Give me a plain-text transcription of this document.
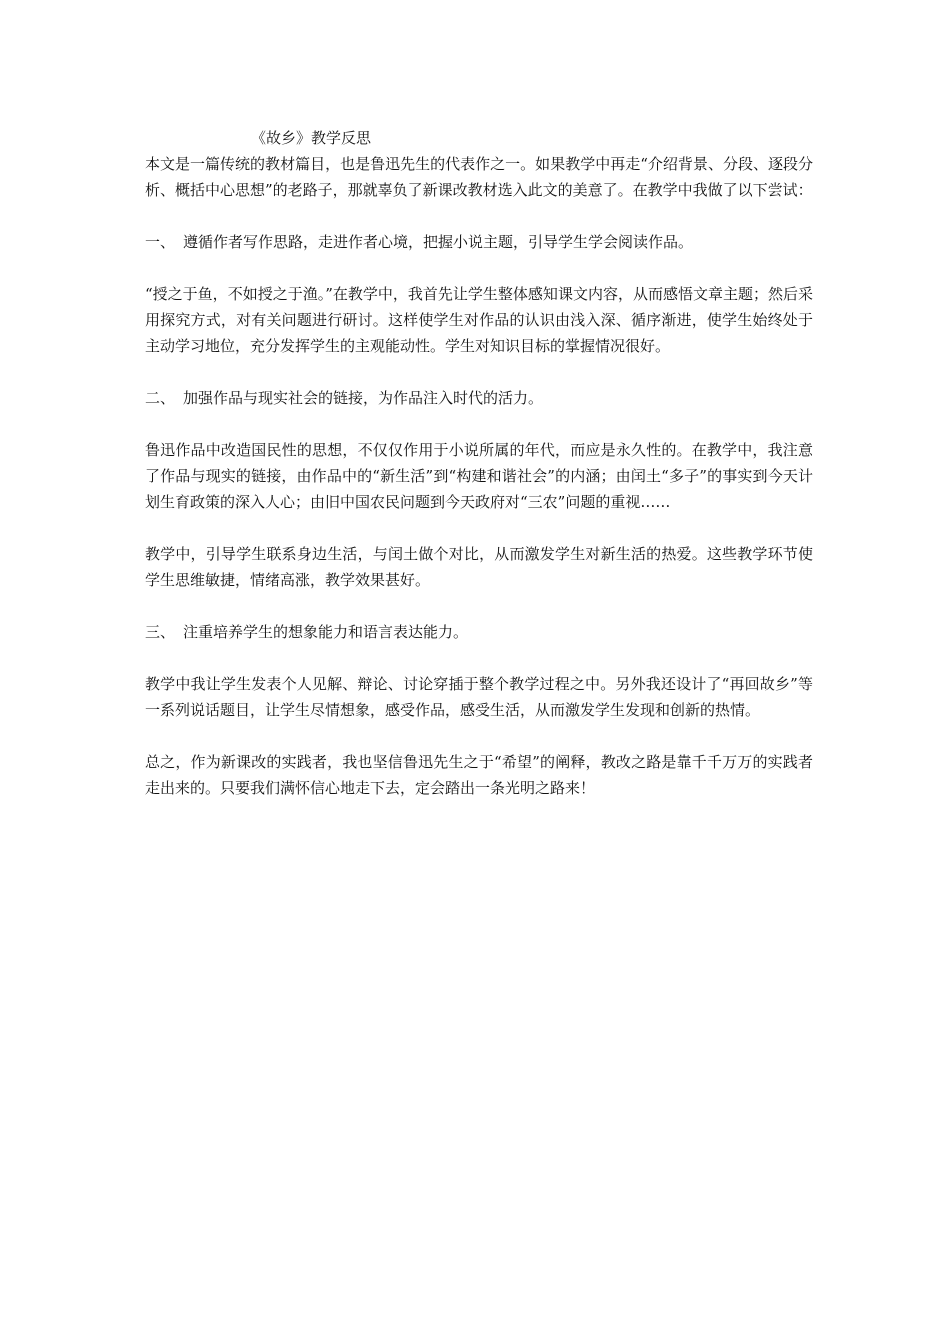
《故乡》教学反思

本文是一篇传统的教材篇目，也是鲁迅先生的代表作之一。如果教学中再走“介绍背景、分段、逐段分析、概括中心思想”的老路子，那就辜负了新课改教材选入此文的美意了。在教学中我做了以下尝试：

一、 遵循作者写作思路，走进作者心境，把握小说主题，引导学生学会阅读作品。

“授之于鱼，不如授之于渔。”在教学中，我首先让学生整体感知课文内容，从而感悟文章主题；然后采用探究方式，对有关问题进行研讨。这样使学生对作品的认识由浅入深、循序渐进，使学生始终处于主动学习地位，充分发挥学生的主观能动性。学生对知识目标的掌握情况很好。

二、 加强作品与现实社会的链接，为作品注入时代的活力。

鲁迅作品中改造国民性的思想，不仅仅作用于小说所属的年代，而应是永久性的。在教学中，我注意了作品与现实的链接，由作品中的“新生活”到“构建和谐社会”的内涵；由闰土“多子”的事实到今天计划生育政策的深入人心；由旧中国农民问题到今天政府对“三农”问题的重视……

教学中，引导学生联系身边生活，与闰土做个对比，从而激发学生对新生活的热爱。这些教学环节使学生思维敏捷，情绪高涨，教学效果甚好。

三、 注重培养学生的想象能力和语言表达能力。

教学中我让学生发表个人见解、辩论、讨论穿插于整个教学过程之中。另外我还设计了“再回故乡”等一系列说话题目，让学生尽情想象，感受作品，感受生活，从而激发学生发现和创新的热情。

总之，作为新课改的实践者，我也坚信鲁迅先生之于“希望”的阐释，教改之路是靠千千万万的实践者走出来的。只要我们满怀信心地走下去，定会踏出一条光明之路来！
